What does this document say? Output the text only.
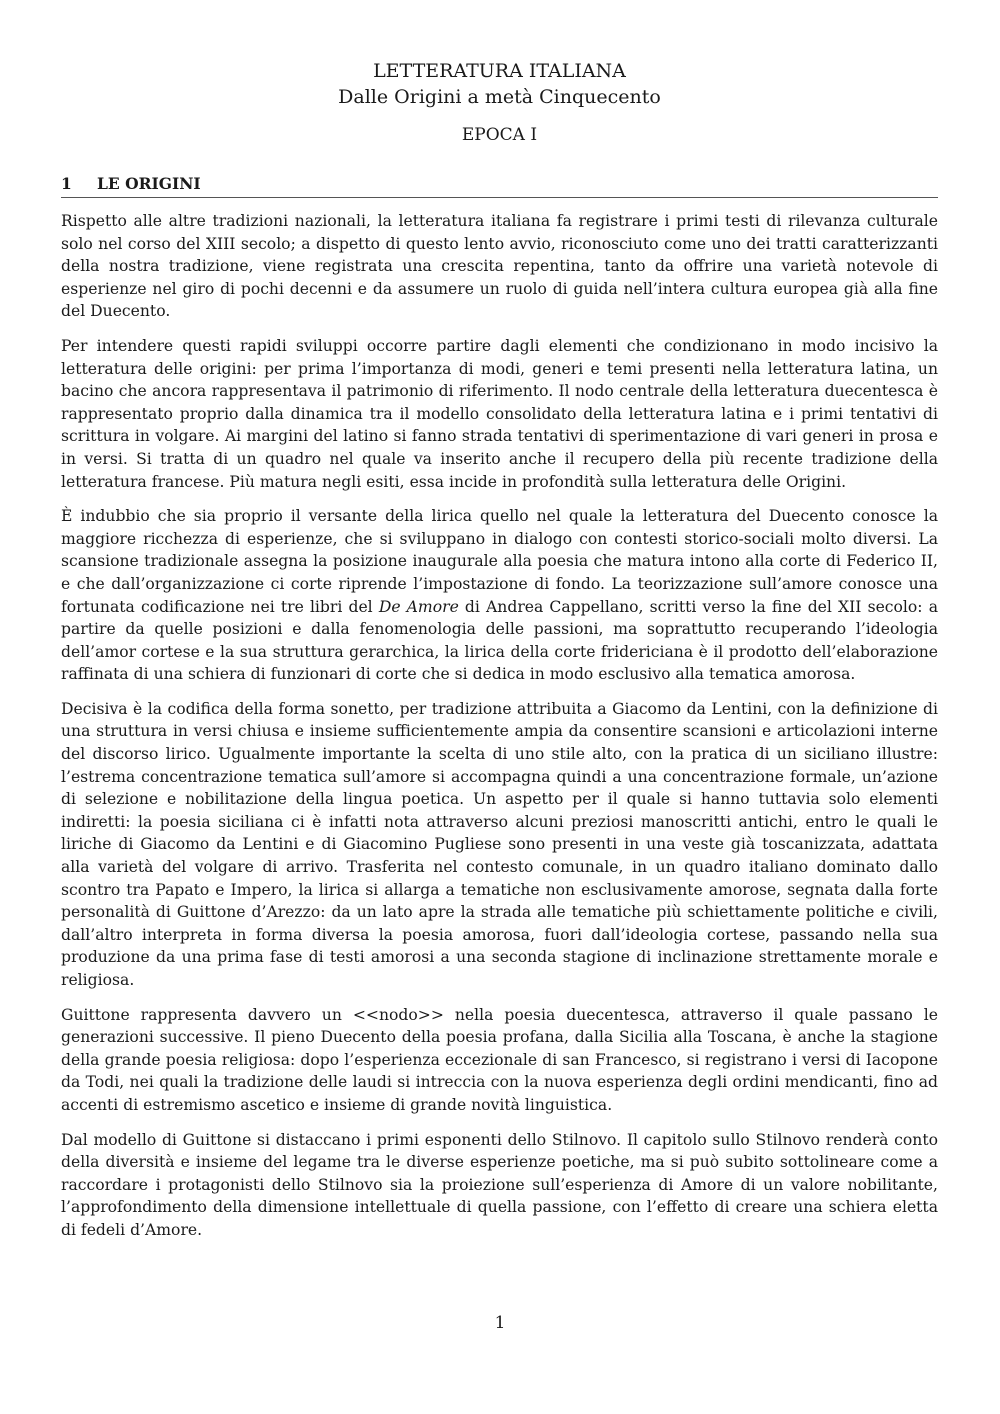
LETTERATURA ITALIANA
Dalle Origini a metà Cinquecento
EPOCA I
1 LE ORIGINI

Rispetto alle altre tradizioni nazionali, la letteratura italiana fa registrare i primi testi di rilevanza culturale solo nel corso del XIII secolo; a dispetto di questo lento avvio, riconosciuto come uno dei tratti caratterizzanti della nostra tradizione, viene registrata una crescita repentina, tanto da offrire una varietà notevole di esperienze nel giro di pochi decenni e da assumere un ruolo di guida nell’intera cultura europea già alla fine del Duecento.

Per intendere questi rapidi sviluppi occorre partire dagli elementi che condizionano in modo incisivo la letteratura delle origini: per prima l’importanza di modi, generi e temi presenti nella letteratura latina, un bacino che ancora rappresentava il patrimonio di riferimento. Il nodo centrale della letteratura duecentesca è rappresentato proprio dalla dinamica tra il modello consolidato della letteratura latina e i primi tentativi di scrittura in volgare. Ai margini del latino si fanno strada tentativi di sperimentazione di vari generi in prosa e in versi. Si tratta di un quadro nel quale va inserito anche il recupero della più recente tradizione della letteratura francese. Più matura negli esiti, essa incide in profondità sulla letteratura delle Origini.

È indubbio che sia proprio il versante della lirica quello nel quale la letteratura del Duecento conosce la maggiore ricchezza di esperienze, che si sviluppano in dialogo con contesti storico-sociali molto diversi. La scansione tradizionale assegna la posizione inaugurale alla poesia che matura intono alla corte di Federico II, e che dall’organizzazione ci corte riprende l’impostazione di fondo. La teorizzazione sull’amore conosce una fortunata codificazione nei tre libri del De Amore di Andrea Cappellano, scritti verso la fine del XII secolo: a partire da quelle posizioni e dalla fenomenologia delle passioni, ma soprattutto recuperando l’ideologia dell’amor cortese e la sua struttura gerarchica, la lirica della corte fridericiana è il prodotto dell’elaborazione raffinata di una schiera di funzionari di corte che si dedica in modo esclusivo alla tematica amorosa.

Decisiva è la codifica della forma sonetto, per tradizione attribuita a Giacomo da Lentini, con la definizione di una struttura in versi chiusa e insieme sufficientemente ampia da consentire scansioni e articolazioni interne del discorso lirico. Ugualmente importante la scelta di uno stile alto, con la pratica di un siciliano illustre: l’estrema concentrazione tematica sull’amore si accompagna quindi a una concentrazione formale, un’azione di selezione e nobilitazione della lingua poetica. Un aspetto per il quale si hanno tuttavia solo elementi indiretti: la poesia siciliana ci è infatti nota attraverso alcuni preziosi manoscritti antichi, entro le quali le liriche di Giacomo da Lentini e di Giacomino Pugliese sono presenti in una veste già toscanizzata, adattata alla varietà del volgare di arrivo. Trasferita nel contesto comunale, in un quadro italiano dominato dallo scontro tra Papato e Impero, la lirica si allarga a tematiche non esclusivamente amorose, segnata dalla forte personalità di Guittone d’Arezzo: da un lato apre la strada alle tematiche più schiettamente politiche e civili, dall’altro interpreta in forma diversa la poesia amorosa, fuori dall’ideologia cortese, passando nella sua produzione da una prima fase di testi amorosi a una seconda stagione di inclinazione strettamente morale e religiosa.

Guittone rappresenta davvero un <<nodo>> nella poesia duecentesca, attraverso il quale passano le generazioni successive. Il pieno Duecento della poesia profana, dalla Sicilia alla Toscana, è anche la stagione della grande poesia religiosa: dopo l’esperienza eccezionale di san Francesco, si registrano i versi di Iacopone da Todi, nei quali la tradizione delle laudi si intreccia con la nuova esperienza degli ordini mendicanti, fino ad accenti di estremismo ascetico e insieme di grande novità linguistica.

Dal modello di Guittone si distaccano i primi esponenti dello Stilnovo. Il capitolo sullo Stilnovo renderà conto della diversità e insieme del legame tra le diverse esperienze poetiche, ma si può subito sottolineare come a raccordare i protagonisti dello Stilnovo sia la proiezione sull’esperienza di Amore di un valore nobilitante, l’approfondimento della dimensione intellettuale di quella passione, con l’effetto di creare una schiera eletta di fedeli d’Amore.

1
